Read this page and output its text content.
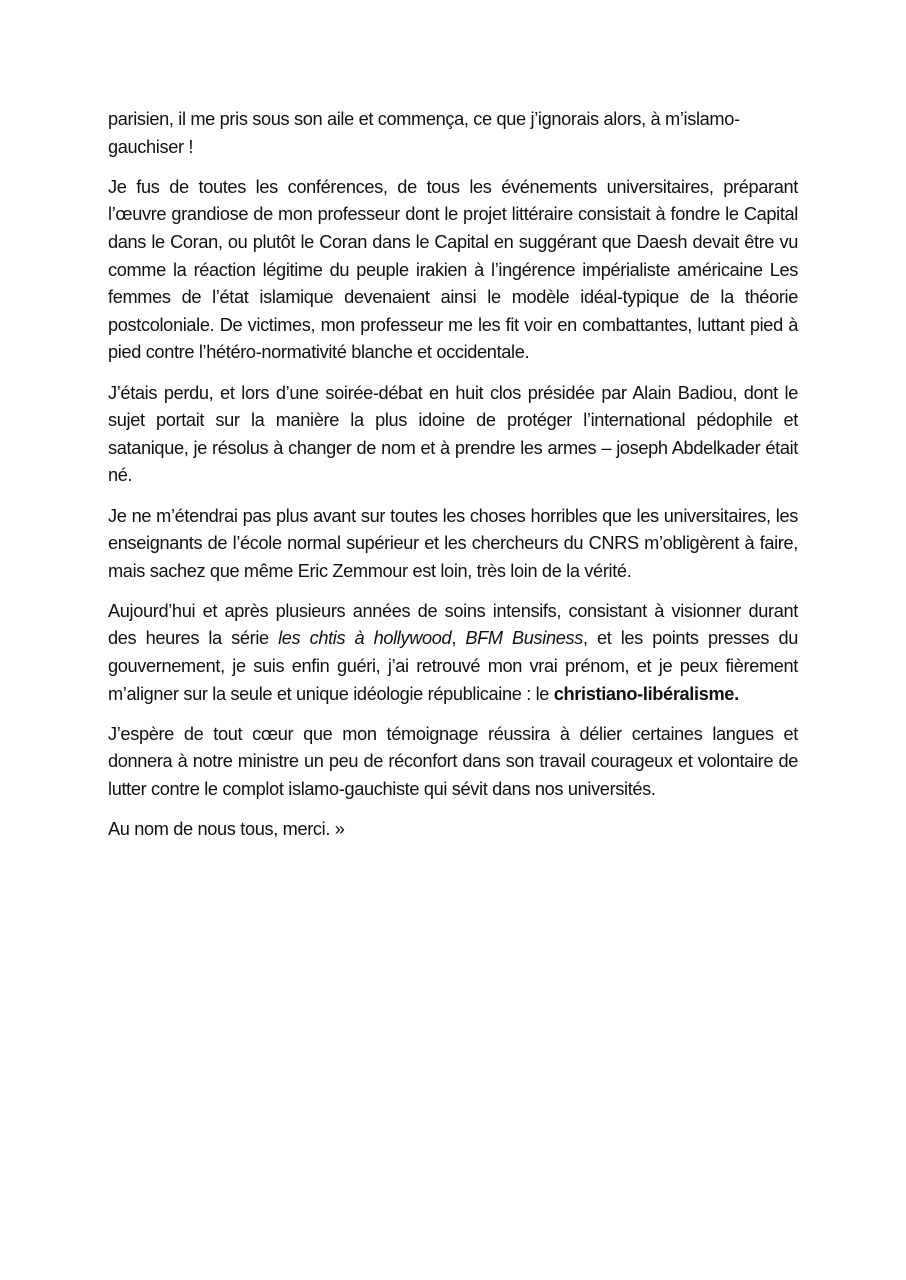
parisien, il me pris sous son aile et commença, ce que j’ignorais alors, à m’islamo-gauchiser !

Je fus de toutes les conférences, de tous les événements universitaires, préparant l’œuvre grandiose de mon professeur dont le projet littéraire consistait à fondre le Capital dans le Coran, ou plutôt le Coran dans le Capital en suggérant que Daesh devait être vu comme la réaction légitime du peuple irakien à l’ingérence impérialiste américaine Les femmes de l’état islamique devenaient ainsi le modèle idéal-typique de la théorie postcoloniale. De victimes, mon professeur me les fit voir en combattantes, luttant pied à pied contre l’hétéro-normativité blanche et occidentale.

J’étais perdu, et lors d’une soirée-débat en huit clos présidée par Alain Badiou, dont le sujet portait sur la manière la plus idoine de protéger l’international pédophile et satanique, je résolus à changer de nom et à prendre les armes – joseph Abdelkader était né.

Je ne m’étendrai pas plus avant sur toutes les choses horribles que les universitaires, les enseignants de l’école normal supérieur et les chercheurs du CNRS m’obligèrent à faire, mais sachez que même Eric Zemmour est loin, très loin de la vérité.

Aujourd’hui et après plusieurs années de soins intensifs, consistant à visionner durant des heures la série les chtis à hollywood, BFM Business, et les points presses du gouvernement, je suis enfin guéri, j’ai retrouvé mon vrai prénom, et je peux fièrement m’aligner sur la seule et unique idéologie républicaine : le christiano-libéralisme.

J’espère de tout cœur que mon témoignage réussira à délier certaines langues et donnera à notre ministre un peu de réconfort dans son travail courageux et volontaire de lutter contre le complot islamo-gauchiste qui sévit dans nos universités.

Au nom de nous tous, merci. »
